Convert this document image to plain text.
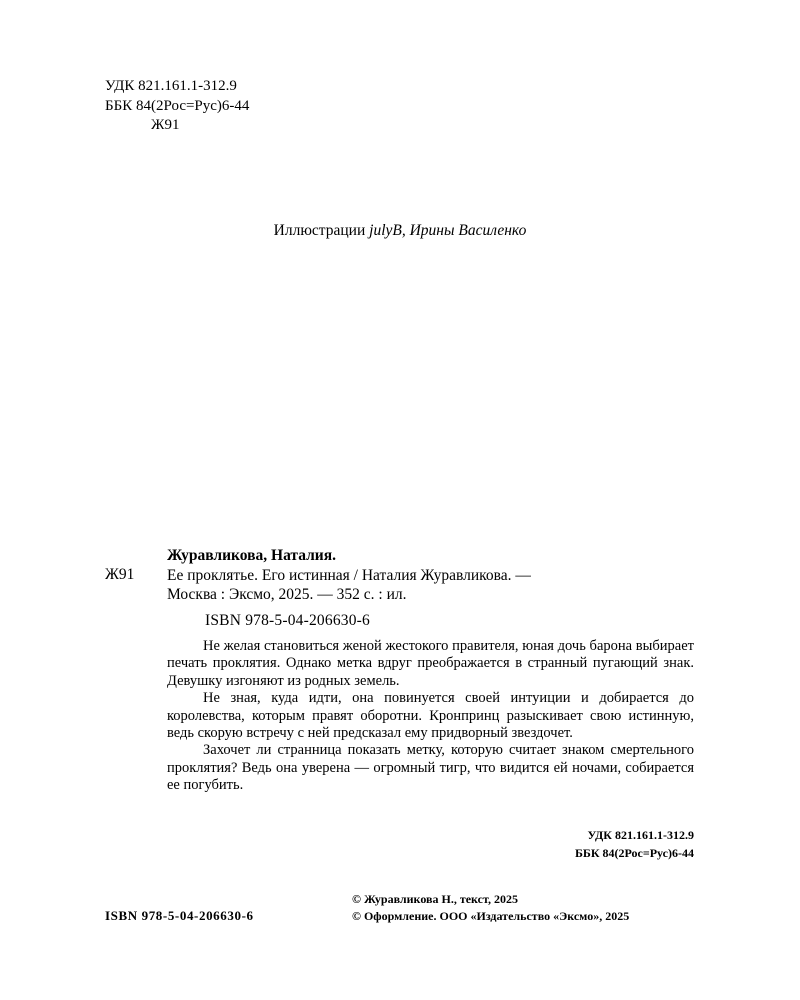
УДК 821.161.1-312.9
ББК 84(2Рос=Рус)6-44
Ж91
Иллюстрации julyB, Ирины Василенко
Ж91
Журавликова, Наталия.
Ее проклятье. Его истинная / Наталия Журавликова. —
Москва : Эксмо, 2025. — 352 с. : ил.
ISBN 978-5-04-206630-6

Не желая становиться женой жестокого правителя, юная дочь барона выбирает печать проклятия. Однако метка вдруг преображается в странный пугающий знак. Девушку изгоняют из родных земель.

Не зная, куда идти, она повинуется своей интуиции и добирается до королевства, которым правят оборотни. Кронпринц разыскивает свою истинную, ведь скорую встречу с ней предсказал ему придворный звездочет.

Захочет ли странница показать метку, которую считает знаком смертельного проклятия? Ведь она уверена — огромный тигр, что видится ей ночами, собирается ее погубить.

УДК 821.161.1-312.9
ББК 84(2Рос=Рус)6-44
ISBN 978-5-04-206630-6
© Журавликова Н., текст, 2025
© Оформление. ООО «Издательство «Эксмо», 2025
